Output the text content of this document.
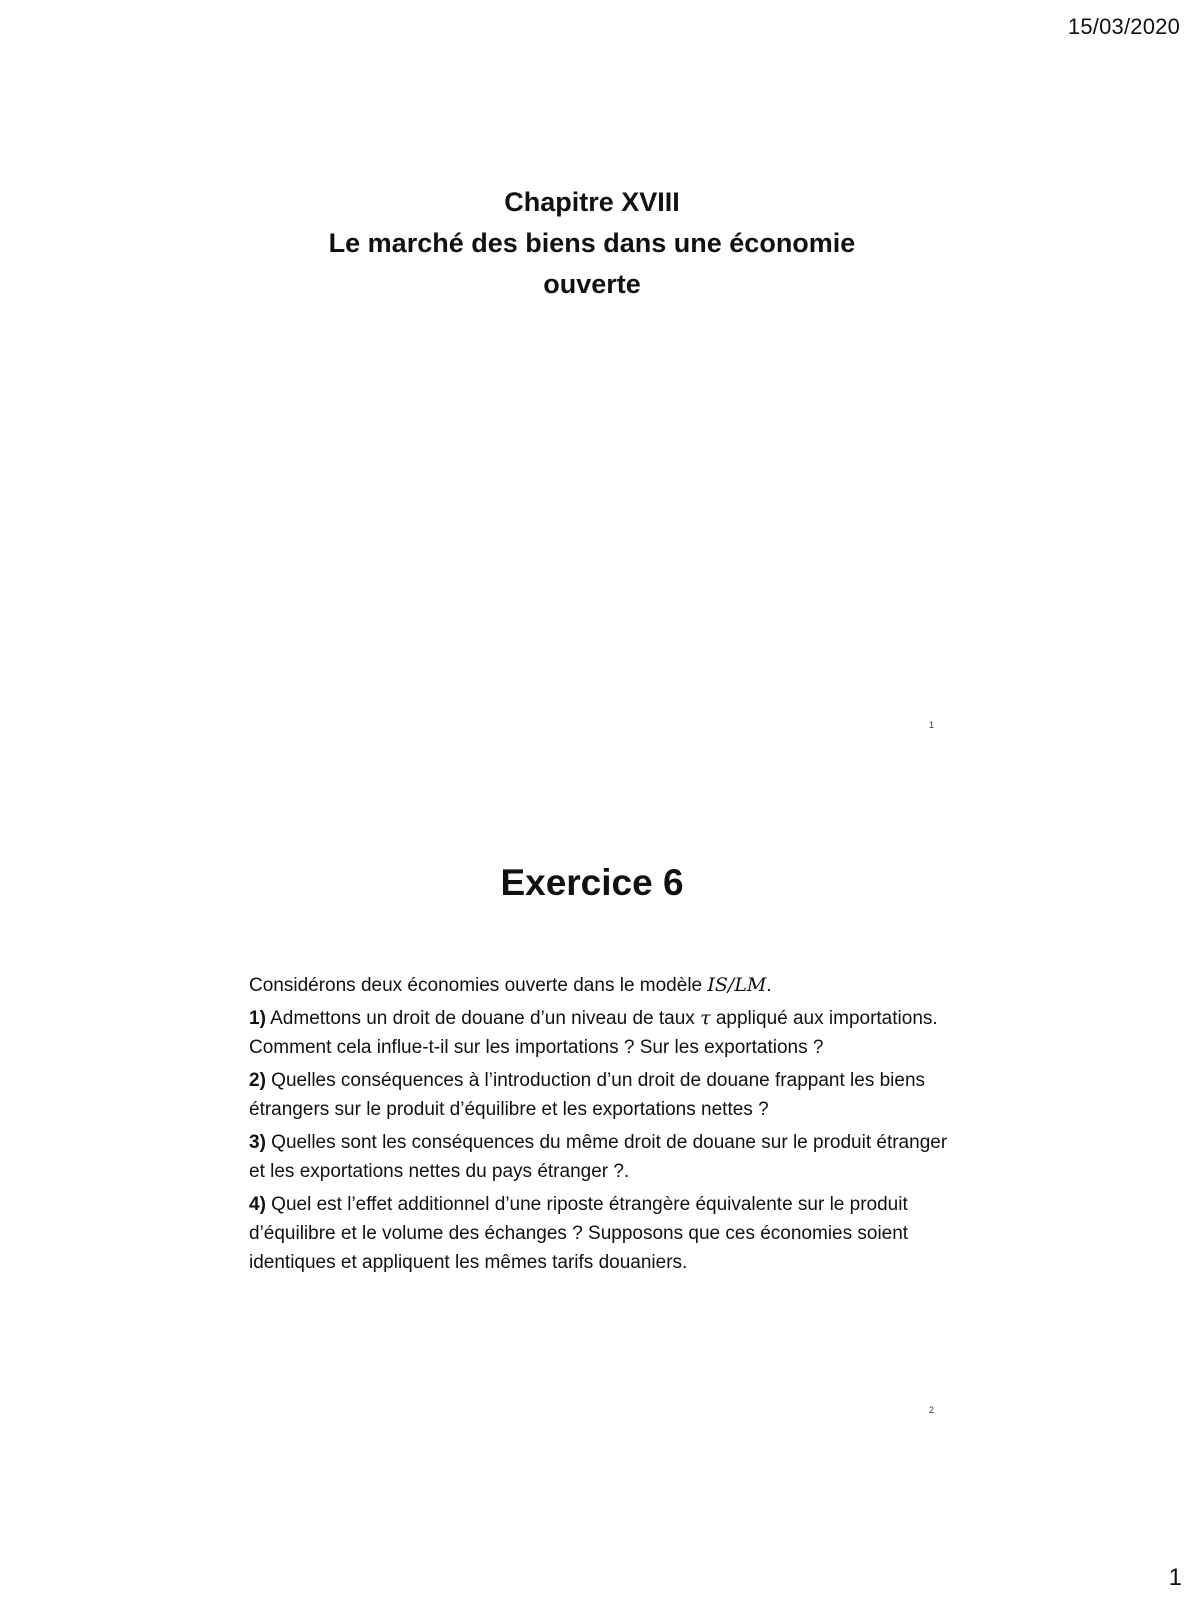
15/03/2020
Chapitre XVIII
Le marché des biens dans une économie
ouverte
1
Exercice 6

Considérons deux économies ouverte dans le modèle IS/LM.

1) Admettons un droit de douane d’un niveau de taux τ appliqué aux importations. Comment cela influe-t-il sur les importations ? Sur les exportations ?

2) Quelles conséquences à l’introduction d’un droit de douane frappant les biens étrangers sur le produit d’équilibre et les exportations nettes ?

3) Quelles sont les conséquences du même droit de douane sur le produit étranger et les exportations nettes du pays étranger ?.

4) Quel est l’effet additionnel d’une riposte étrangère équivalente sur le produit d’équilibre et le volume des échanges ? Supposons que ces économies soient identiques et appliquent les mêmes tarifs douaniers.

2
1
